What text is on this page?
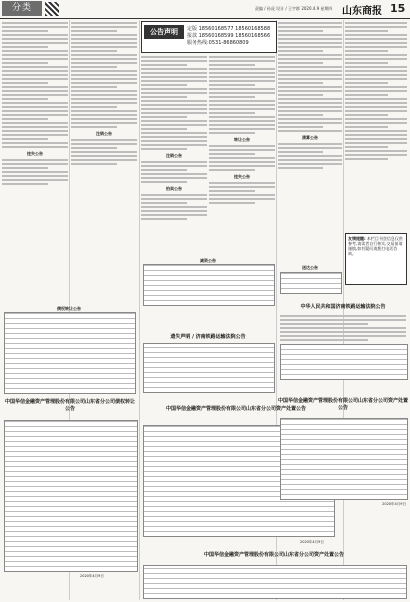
分类	责编 / 孙虎 设计 / 王宇群 2020.4.9 星期四 山东商报 15
挂失公告
注销公告
债权转让公告
中国华信金融资产管理股份有限公司山东省分公司债权转让公告
2020年4月9日
公告声明	定版 18560168577 18560168588
报款 18560168599 18560168566
服务热线:0531-86860809
注销公告
拍卖公告
转让公告
挂失公告
减资公告
遗失声明 / 济南铁路运输法院公告
清算公告
友情提醒: 本栏目刊登信息仅供参考,请读者自行核实,交易前请谨慎,如有疑问请拨打电话咨询。
送达公告
中华人民共和国济南铁路运输法院公告
中国华信金融资产管理股份有限公司山东省分公司资产处置公告
2020年4月9日
中国华信金融资产管理股份有限公司山东省分公司资产处置公告
2020年4月9日
中国华信金融资产管理股份有限公司山东省分公司资产处置公告
